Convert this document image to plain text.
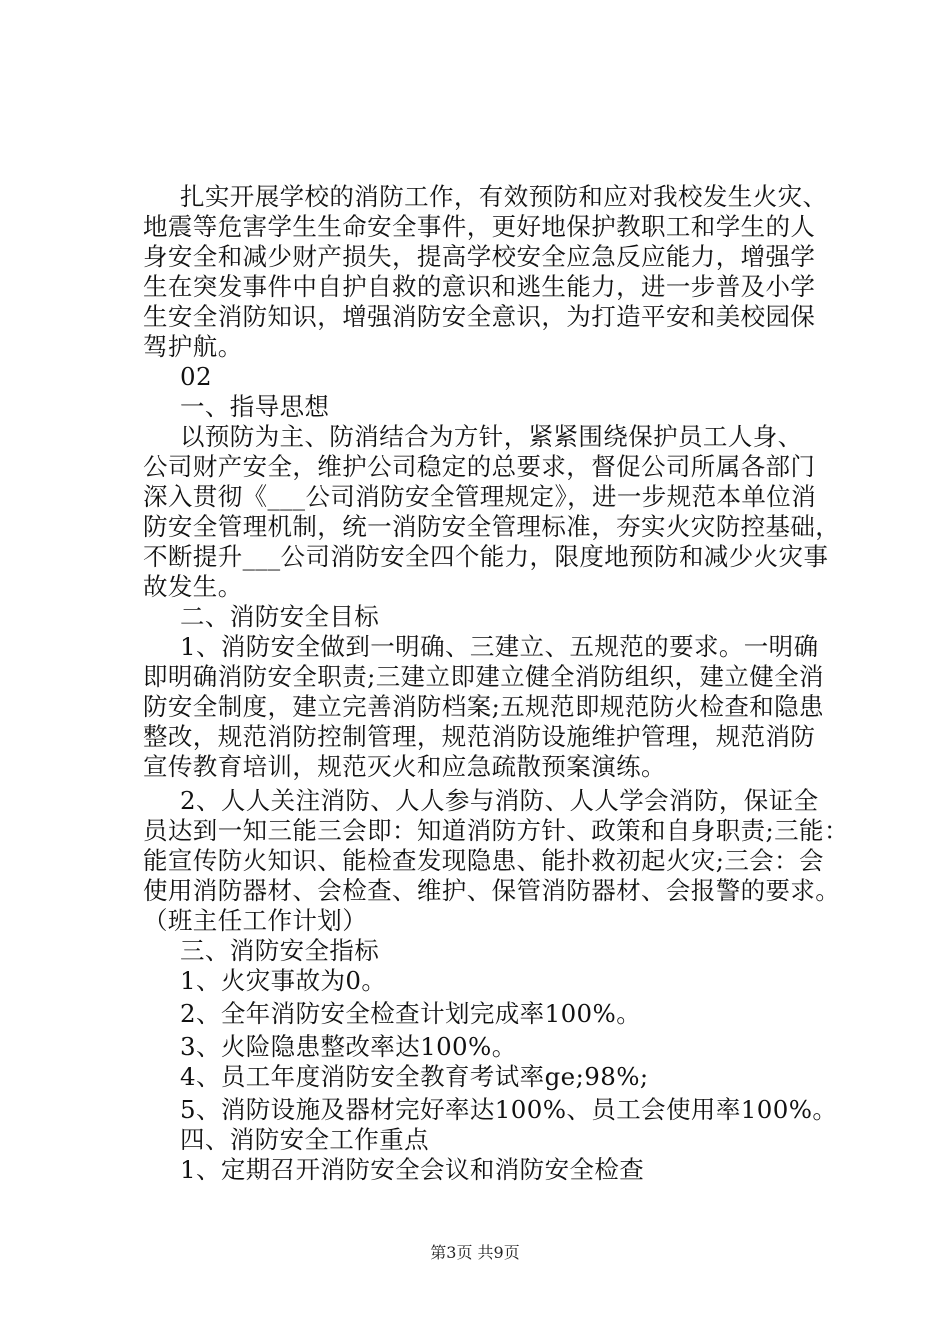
扎实开展学校的消防工作，有效预防和应对我校发生火灾、
地震等危害学生生命安全事件，更好地保护教职工和学生的人
身安全和减少财产损失，提高学校安全应急反应能力，增强学
生在突发事件中自护自救的意识和逃生能力，进一步普及小学
生安全消防知识，增强消防安全意识，为打造平安和美校园保
驾护航。
02
一、指导思想
以预防为主、防消结合为方针，紧紧围绕保护员工人身、
公司财产安全，维护公司稳定的总要求，督促公司所属各部门
深入贯彻《___公司消防安全管理规定》，进一步规范本单位消
防安全管理机制，统一消防安全管理标准，夯实火灾防控基础，
不断提升___公司消防安全四个能力，限度地预防和减少火灾事
故发生。
二、消防安全目标
1、消防安全做到一明确、三建立、五规范的要求。一明确
即明确消防安全职责;三建立即建立健全消防组织，建立健全消
防安全制度，建立完善消防档案;五规范即规范防火检查和隐患
整改，规范消防控制管理，规范消防设施维护管理，规范消防
宣传教育培训，规范灭火和应急疏散预案演练。
2、人人关注消防、人人参与消防、人人学会消防，保证全
员达到一知三能三会即：知道消防方针、政策和自身职责;三能：
能宣传防火知识、能检查发现隐患、能扑救初起火灾;三会：会
使用消防器材、会检查、维护、保管消防器材、会报警的要求。
（班主任工作计划）
三、消防安全指标
1、火灾事故为0。
2、全年消防安全检查计划完成率100%。
3、火险隐患整改率达100%。
4、员工年度消防安全教育考试率ge;98%;
5、消防设施及器材完好率达100%、员工会使用率100%。
四、消防安全工作重点
1、定期召开消防安全会议和消防安全检查
第3页 共9页
